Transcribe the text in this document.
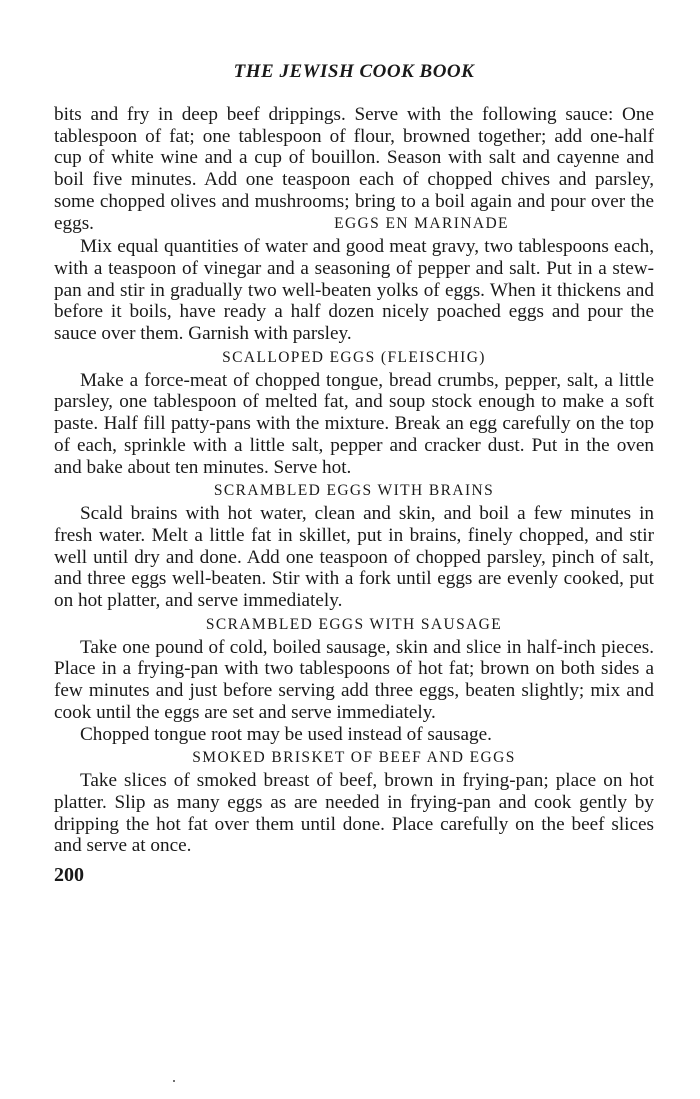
THE JEWISH COOK BOOK

bits and fry in deep beef drippings. Serve with the following sauce: One tablespoon of fat; one tablespoon of flour, browned together; add one-half cup of white wine and a cup of bouillon. Season with salt and cayenne and boil five minutes. Add one teaspoon each of chopped chives and parsley, some chopped olives and mushrooms; bring to a boil again and pour over the eggs.	EGGS EN MARINADE

Mix equal quantities of water and good meat gravy, two tablespoons each, with a teaspoon of vinegar and a seasoning of pepper and salt. Put in a stew-pan and stir in gradually two well-beaten yolks of eggs. When it thickens and before it boils, have ready a half dozen nicely poached eggs and pour the sauce over them. Garnish with parsley.

SCALLOPED EGGS (FLEISCHIG)

Make a force-meat of chopped tongue, bread crumbs, pepper, salt, a little parsley, one tablespoon of melted fat, and soup stock enough to make a soft paste. Half fill patty-pans with the mixture. Break an egg carefully on the top of each, sprinkle with a little salt, pepper and cracker dust. Put in the oven and bake about ten minutes. Serve hot.

SCRAMBLED EGGS WITH BRAINS

Scald brains with hot water, clean and skin, and boil a few minutes in fresh water. Melt a little fat in skillet, put in brains, finely chopped, and stir well until dry and done. Add one teaspoon of chopped parsley, pinch of salt, and three eggs well-beaten. Stir with a fork until eggs are evenly cooked, put on hot platter, and serve immediately.

SCRAMBLED EGGS WITH SAUSAGE

Take one pound of cold, boiled sausage, skin and slice in half-inch pieces. Place in a frying-pan with two tablespoons of hot fat; brown on both sides a few minutes and just before serving add three eggs, beaten slightly; mix and cook until the eggs are set and serve immediately.

Chopped tongue root may be used instead of sausage.

SMOKED BRISKET OF BEEF AND EGGS

Take slices of smoked breast of beef, brown in frying-pan; place on hot platter. Slip as many eggs as are needed in frying-pan and cook gently by dripping the hot fat over them until done. Place carefully on the beef slices and serve at once.

200
